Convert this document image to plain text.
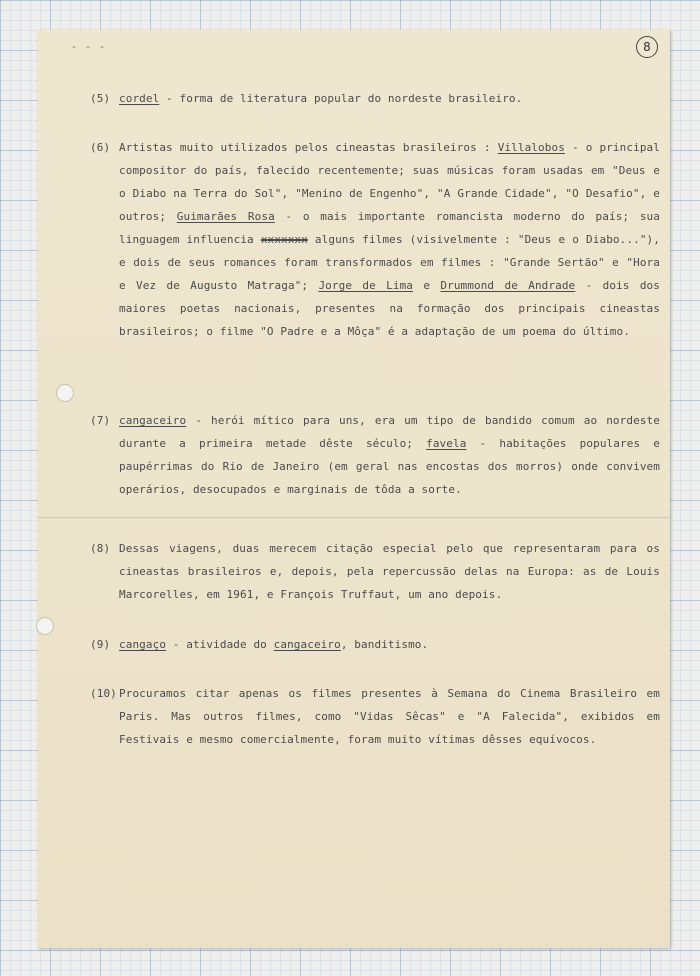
- - -	8
(5) cordel - forma de literatura popular do nordeste brasileiro.

(6) Artistas muito utilizados pelos cineastas brasileiros : Villalobos - o principal compositor do país, falecido recentemente; suas músicas foram usadas em "Deus e o Diabo na Terra do Sol", "Menino de Engenho", "A Grande Cidade", "O Desafio", e outros; Guimarães Rosa - o mais importante romancista moderno do país; sua linguagem influencia xxxxxxx alguns filmes (visivelmente : "Deus e o Diabo..."), e dois de seus romances foram transformados em filmes : "Grande Sertão" e "Hora e Vez de Augusto Matraga"; Jorge de Lima e Drummond de Andrade - dois dos maiores poetas nacionais, presentes na formação dos principais cineastas brasileiros; o filme "O Padre e a Môça" é a adaptação de um poema do último.

(7) cangaceiro - herói mítico para uns, era um tipo de bandido comum ao nordeste durante a primeira metade dêste século; favela - habitações populares e paupérrimas do Rio de Janeiro (em geral nas encostas dos morros) onde convivem operários, desocupados e marginais de tôda a sorte.

(8) Dessas viagens, duas merecem citação especial pelo que representaram para os cineastas brasileiros e, depois, pela repercussão delas na Europa: as de Louis Marcorelles, em 1961, e François Truffaut, um ano depois.

(9) cangaço - atividade do cangaceiro, banditismo.

(10) Procuramos citar apenas os filmes presentes à Semana do Cinema Brasileiro em Paris. Mas outros filmes, como "Vidas Sêcas" e "A Falecida", exibidos em Festivais e mesmo comercialmente, foram muito vítimas dêsses equívocos.
